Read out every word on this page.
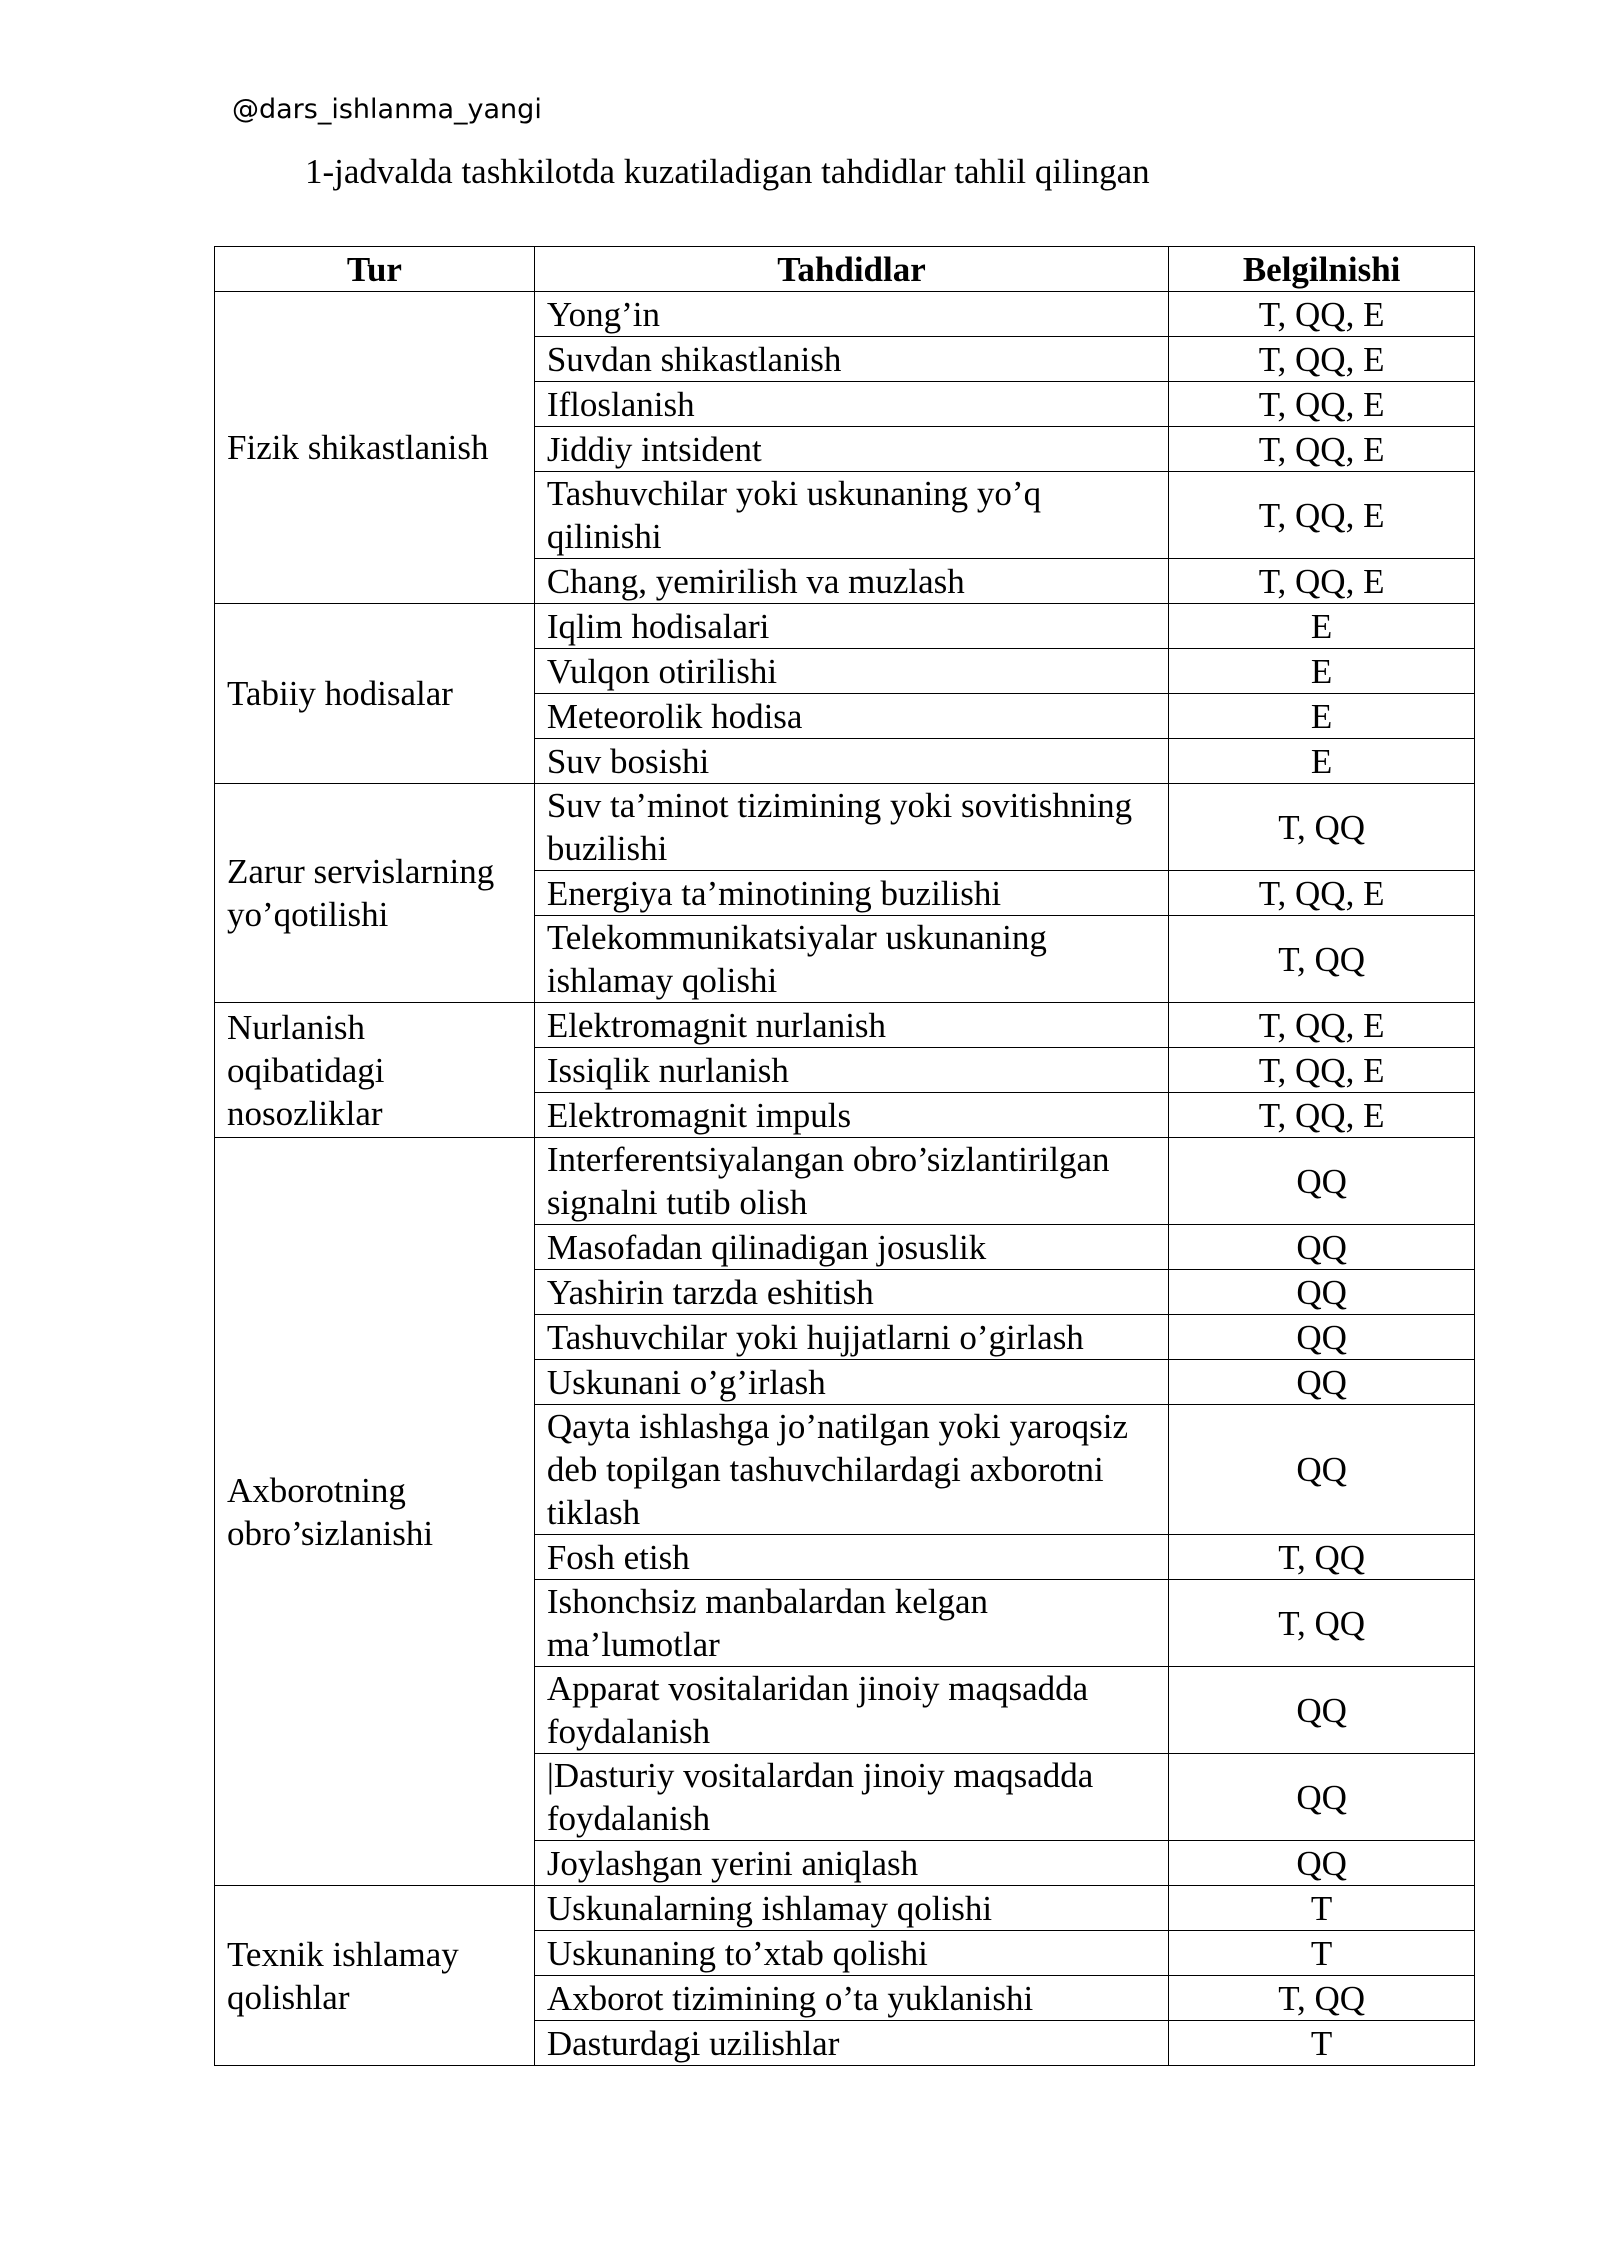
@dars_ishlanma_yangi
1-jadvalda tashkilotda kuzatiladigan tahdidlar tahlil qilingan
Tur	Tahdidlar	Belgilnishi
Fizik shikastlanish	Yong’in	T, QQ, E
	Suvdan shikastlanish	T, QQ, E
	Ifloslanish	T, QQ, E
	Jiddiy intsident	T, QQ, E
	Tashuvchilar yoki uskunaning yo’q qilinishi	T, QQ, E
	Chang, yemirilish va muzlash	T, QQ, E
Tabiiy hodisalar	Iqlim hodisalari	E
	Vulqon otirilishi	E
	Meteorolik hodisa	E
	Suv bosishi	E
Zarur servislarning yo’qotilishi	Suv ta’minot tizimining yoki sovitishning buzilishi	T, QQ
	Energiya ta’minotining buzilishi	T, QQ, E
	Telekommunikatsiyalar uskunaning ishlamay qolishi	T, QQ
Nurlanish oqibatidagi nosozliklar	Elektromagnit nurlanish	T, QQ, E
	Issiqlik nurlanish	T, QQ, E
	Elektromagnit impuls	T, QQ, E
Axborotning obro’sizlanishi	Interferentsiyalangan obro’sizlantirilgan signalni tutib olish	QQ
	Masofadan qilinadigan josuslik	QQ
	Yashirin tarzda eshitish	QQ
	Tashuvchilar yoki hujjatlarni o’girlash	QQ
	Uskunani o’g’irlash	QQ
	Qayta ishlashga jo’natilgan yoki yaroqsiz deb topilgan tashuvchilardagi axborotni tiklash	QQ
	Fosh etish	T, QQ
	Ishonchsiz manbalardan kelgan ma’lumotlar	T, QQ
	Apparat vositalaridan jinoiy maqsadda foydalanish	QQ
	|Dasturiy vositalardan jinoiy maqsadda foydalanish	QQ
	Joylashgan yerini aniqlash	QQ
Texnik ishlamay qolishlar	Uskunalarning ishlamay qolishi	T
	Uskunaning to’xtab qolishi	T
	Axborot tizimining o’ta yuklanishi	T, QQ
	Dasturdagi uzilishlar	T
